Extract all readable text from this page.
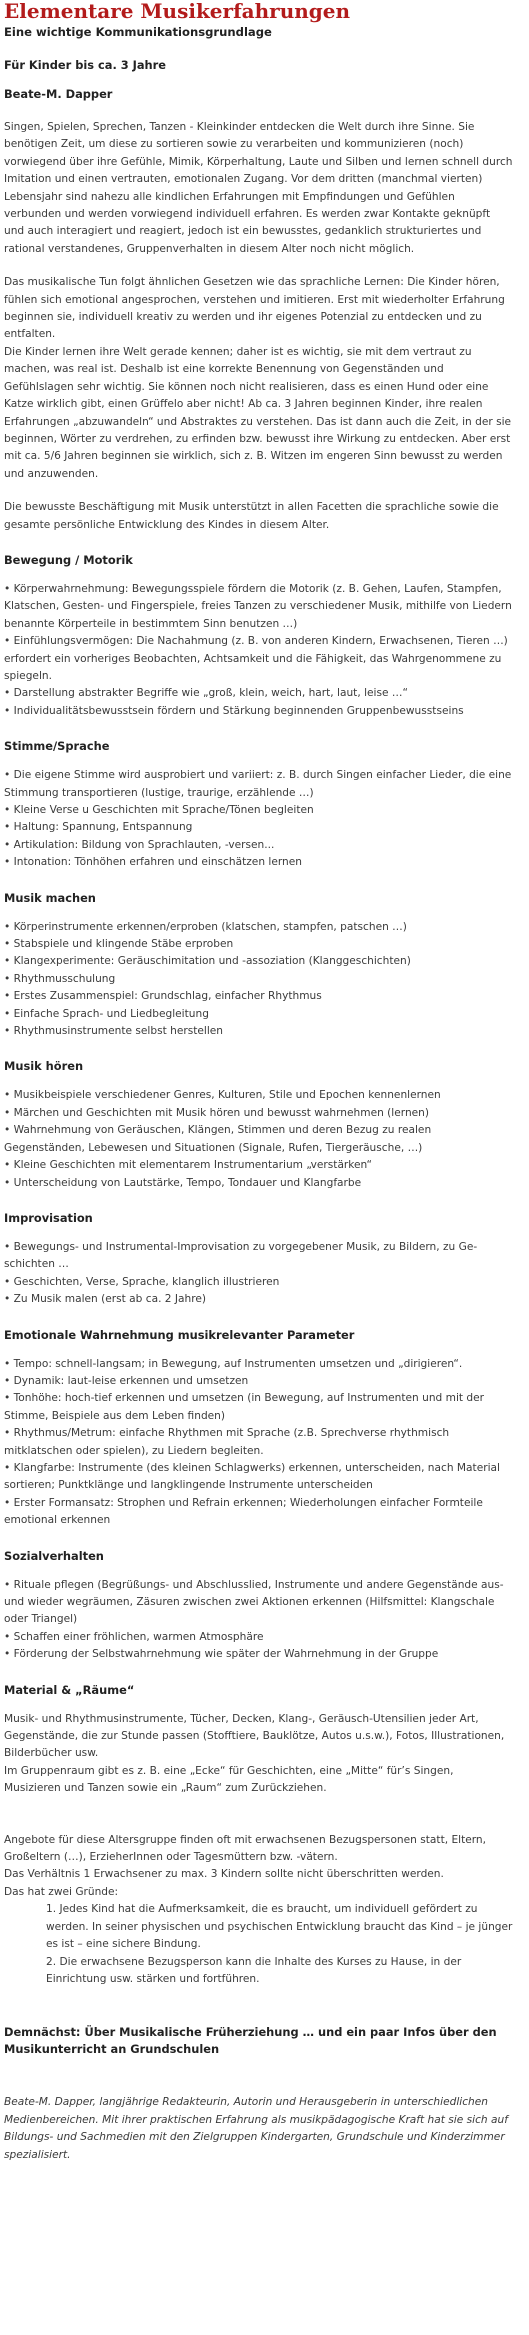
Elementare Musikerfahrungen
Eine wichtige Kommunikationsgrundlage
Für Kinder bis ca. 3 Jahre
Beate-M. Dapper

Singen, Spielen, Sprechen, Tanzen - Kleinkinder entdecken die Welt durch ihre Sinne. Sie benötigen Zeit, um diese zu sortieren sowie zu verarbeiten und kommunizieren (noch) vorwiegend über ihre Gefühle, Mimik, Körperhaltung, Laute und Silben und lernen schnell durch Imitation und einen vertrauten, emotionalen Zugang. Vor dem dritten (manchmal vierten) Lebensjahr sind nahezu alle kindlichen Erfahrungen mit Empfindungen und Gefühlen verbunden und werden vorwiegend individuell erfahren. Es werden zwar Kontakte geknüpft und auch interagiert und reagiert, jedoch ist ein bewusstes, gedanklich strukturiertes und rational verstandenes, Gruppenverhalten in diesem Alter noch nicht möglich.

Das musikalische Tun folgt ähnlichen Gesetzen wie das sprachliche Lernen: Die Kinder hören, fühlen sich emotional angesprochen, verstehen und imitieren. Erst mit wiederholter Erfahrung beginnen sie, individuell kreativ zu werden und ihr eigenes Potenzial zu entdecken und zu entfalten.

Die Kinder lernen ihre Welt gerade kennen; daher ist es wichtig, sie mit dem vertraut zu machen, was real ist. Deshalb ist eine korrekte Benennung von Gegenständen und Gefühlslagen sehr wichtig. Sie können noch nicht realisieren, dass es einen Hund oder eine Katze wirklich gibt, einen Grüffelo aber nicht! Ab ca. 3 Jahren beginnen Kinder, ihre realen Erfahrungen „abzuwandeln“ und Abstraktes zu verstehen. Das ist dann auch die Zeit, in der sie beginnen, Wörter zu verdrehen, zu erfinden bzw. bewusst ihre Wirkung zu entdecken. Aber erst mit ca. 5/6 Jahren beginnen sie wirklich, sich z. B. Witzen im engeren Sinn bewusst zu werden und anzuwenden.

Die bewusste Beschäftigung mit Musik unterstützt in allen Facetten die sprachliche sowie die gesamte persönliche Entwicklung des Kindes in diesem Alter.

Bewegung / Motorik
• Körperwahrnehmung: Bewegungsspiele fördern die Motorik (z. B. Gehen, Laufen, Stampfen, Klatschen, Gesten- und Fingerspiele, freies Tanzen zu verschiedener Musik, mithilfe von Liedern benannte Körperteile in bestimmtem Sinn benutzen …)
• Einfühlungsvermögen: Die Nachahmung (z. B. von anderen Kindern, Erwachsenen, Tieren …) erfordert ein vorheriges Beobachten, Achtsamkeit und die Fähigkeit, das Wahrgenommene zu spiegeln.
• Darstellung abstrakter Begriffe wie „groß, klein, weich, hart, laut, leise …“
• Individualitätsbewusstsein fördern und Stärkung beginnenden Gruppenbewusstseins
Stimme/Sprache
• Die eigene Stimme wird ausprobiert und variiert: z. B. durch Singen einfacher Lieder, die eine Stimmung transportieren (lustige, traurige, erzählende …)
• Kleine Verse u Geschichten mit Sprache/Tönen begleiten
• Haltung: Spannung, Entspannung
• Artikulation: Bildung von Sprachlauten, -versen...
• Intonation: Tönhöhen erfahren und einschätzen lernen
Musik machen
• Körperinstrumente erkennen/erproben (klatschen, stampfen, patschen …)
• Stabspiele und klingende Stäbe erproben
• Klangexperimente: Geräuschimitation und -assoziation (Klanggeschichten)
• Rhythmusschulung
• Erstes Zusammenspiel: Grundschlag, einfacher Rhythmus
• Einfache Sprach- und Liedbegleitung
• Rhythmusinstrumente selbst herstellen
Musik hören
• Musikbeispiele verschiedener Genres, Kulturen, Stile und Epochen kennenlernen
• Märchen und Geschichten mit Musik hören und bewusst wahrnehmen (lernen)
• Wahrnehmung von Geräuschen, Klängen, Stimmen und deren Bezug zu realen Gegenständen, Lebewesen und Situationen (Signale, Rufen, Tiergeräusche, …)
• Kleine Geschichten mit elementarem Instrumentarium „verstärken“
• Unterscheidung von Lautstärke, Tempo, Tondauer und Klangfarbe
Improvisation
• Bewegungs- und Instrumental-Improvisation zu vorgegebener Musik, zu Bildern, zu Ge-schichten …
• Geschichten, Verse, Sprache, klanglich illustrieren
• Zu Musik malen (erst ab ca. 2 Jahre)
Emotionale Wahrnehmung musikrelevanter Parameter
• Tempo: schnell-langsam; in Bewegung, auf Instrumenten umsetzen und „dirigieren“.
• Dynamik: laut-leise erkennen und umsetzen
• Tonhöhe: hoch-tief erkennen und umsetzen (in Bewegung, auf Instrumenten und mit der Stimme, Beispiele aus dem Leben finden)
• Rhythmus/Metrum: einfache Rhythmen mit Sprache (z.B. Sprechverse rhythmisch mitklatschen oder spielen), zu Liedern begleiten.
• Klangfarbe: Instrumente (des kleinen Schlagwerks) erkennen, unterscheiden, nach Material sortieren; Punktklänge und langklingende Instrumente unterscheiden
• Erster Formansatz: Strophen und Refrain erkennen; Wiederholungen einfacher Formteile emotional erkennen
Sozialverhalten
• Rituale pflegen (Begrüßungs- und Abschlusslied, Instrumente und andere Gegenstände aus- und wieder wegräumen, Zäsuren zwischen zwei Aktionen erkennen (Hilfsmittel: Klangschale oder Triangel)
• Schaffen einer fröhlichen, warmen Atmosphäre
• Förderung der Selbstwahrnehmung wie später der Wahrnehmung in der Gruppe
Material & „Räume“

Musik- und Rhythmusinstrumente, Tücher, Decken, Klang-, Geräusch-Utensilien jeder Art, Gegenstände, die zur Stunde passen (Stofftiere, Bauklötze, Autos u.s.w.), Fotos, Illustrationen, Bilderbücher usw.

Im Gruppenraum gibt es z. B. eine „Ecke“ für Geschichten, eine „Mitte“ für’s Singen, Musizieren und Tanzen sowie ein „Raum“ zum Zurückziehen.

Angebote für diese Altersgruppe finden oft mit erwachsenen Bezugspersonen statt, Eltern, Großeltern (…), ErzieherInnen oder Tagesmüttern bzw. -vätern.

Das Verhältnis 1 Erwachsener zu max. 3 Kindern sollte nicht überschritten werden.

Das hat zwei Gründe:

1. Jedes Kind hat die Aufmerksamkeit, die es braucht, um individuell gefördert zu werden. In seiner physischen und psychischen Entwicklung braucht das Kind – je jünger es ist – eine sichere Bindung.
2. Die erwachsene Bezugsperson kann die Inhalte des Kurses zu Hause, in der Einrichtung usw. stärken und fortführen.
Demnächst: Über Musikalische Früherziehung … und ein paar Infos über den Musikunterricht an Grundschulen

Beate-M. Dapper, langjährige Redakteurin, Autorin und Herausgeberin in unterschiedlichen Medienbereichen. Mit ihrer praktischen Erfahrung als musikpädagogische Kraft hat sie sich auf Bildungs- und Sachmedien mit den Zielgruppen Kindergarten, Grundschule und Kinderzimmer spezialisiert.
